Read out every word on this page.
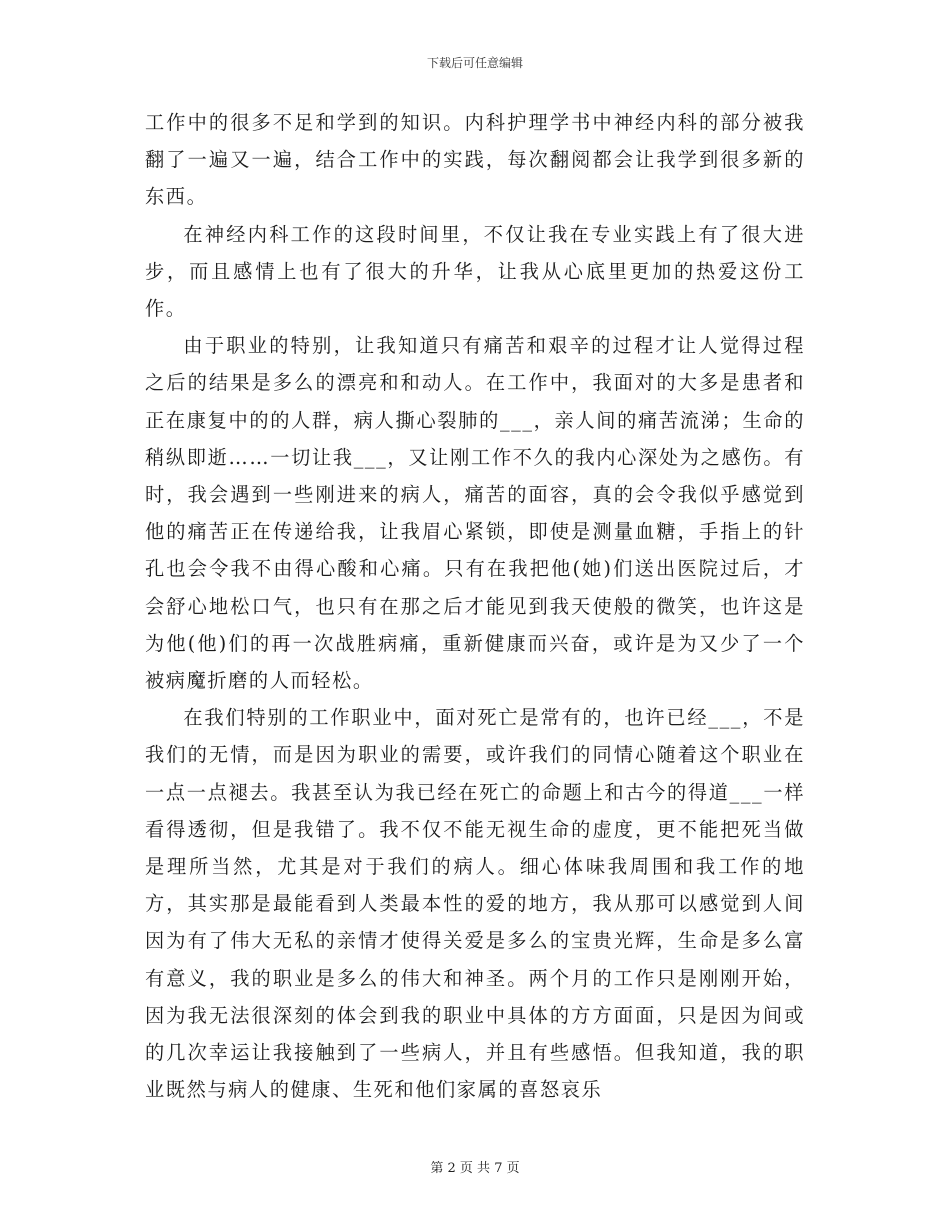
下载后可任意编辑

工作中的很多不足和学到的知识。内科护理学书中神经内科的部分被我翻了一遍又一遍，结合工作中的实践，每次翻阅都会让我学到很多新的东西。

在神经内科工作的这段时间里，不仅让我在专业实践上有了很大进步，而且感情上也有了很大的升华，让我从心底里更加的热爱这份工作。

由于职业的特别，让我知道只有痛苦和艰辛的过程才让人觉得过程之后的结果是多么的漂亮和和动人。在工作中，我面对的大多是患者和正在康复中的的人群，病人撕心裂肺的___，亲人间的痛苦流涕；生命的稍纵即逝……一切让我___，又让刚工作不久的我内心深处为之感伤。有时，我会遇到一些刚进来的病人，痛苦的面容，真的会令我似乎感觉到他的痛苦正在传递给我，让我眉心紧锁，即使是测量血糖，手指上的针孔也会令我不由得心酸和心痛。只有在我把他(她)们送出医院过后，才会舒心地松口气，也只有在那之后才能见到我天使般的微笑，也许这是为他(他)们的再一次战胜病痛，重新健康而兴奋，或许是为又少了一个被病魔折磨的人而轻松。

在我们特别的工作职业中，面对死亡是常有的，也许已经___，不是我们的无情，而是因为职业的需要，或许我们的同情心随着这个职业在一点一点褪去。我甚至认为我已经在死亡的命题上和古今的得道___一样看得透彻，但是我错了。我不仅不能无视生命的虚度，更不能把死当做是理所当然，尤其是对于我们的病人。细心体味我周围和我工作的地方，其实那是最能看到人类最本性的爱的地方，我从那可以感觉到人间因为有了伟大无私的亲情才使得关爱是多么的宝贵光辉，生命是多么富有意义，我的职业是多么的伟大和神圣。两个月的工作只是刚刚开始，因为我无法很深刻的体会到我的职业中具体的方方面面，只是因为间或的几次幸运让我接触到了一些病人，并且有些感悟。但我知道，我的职业既然与病人的健康、生死和他们家属的喜怒哀乐

第 2 页 共 7 页
